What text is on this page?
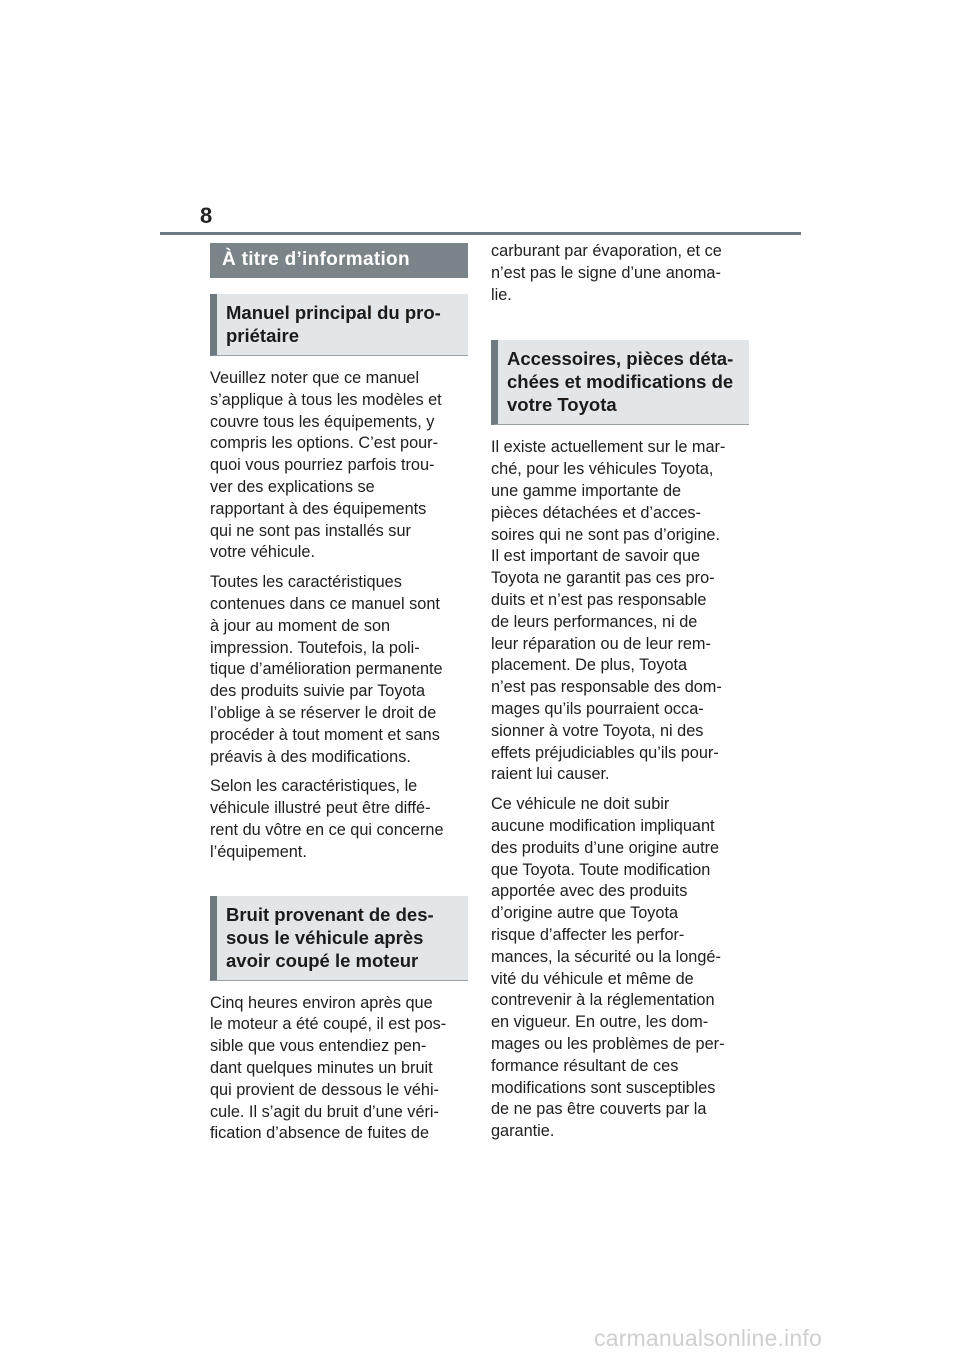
8
À titre d’information
Manuel principal du pro-
priétaire

Veuillez noter que ce manuel
s’applique à tous les modèles et
couvre tous les équipements, y
compris les options. C’est pour-
quoi vous pourriez parfois trou-
ver des explications se
rapportant à des équipements
qui ne sont pas installés sur
votre véhicule.

Toutes les caractéristiques
contenues dans ce manuel sont
à jour au moment de son
impression. Toutefois, la poli-
tique d’amélioration permanente
des produits suivie par Toyota
l’oblige à se réserver le droit de
procéder à tout moment et sans
préavis à des modifications.

Selon les caractéristiques, le
véhicule illustré peut être diffé-
rent du vôtre en ce qui concerne
l’équipement.

Bruit provenant de des-
sous le véhicule après
avoir coupé le moteur

Cinq heures environ après que
le moteur a été coupé, il est pos-
sible que vous entendiez pen-
dant quelques minutes un bruit
qui provient de dessous le véhi-
cule. Il s’agit du bruit d’une véri-
fication d’absence de fuites de

carburant par évaporation, et ce
n’est pas le signe d’une anoma-
lie.

Accessoires, pièces déta-
chées et modifications de
votre Toyota

Il existe actuellement sur le mar-
ché, pour les véhicules Toyota,
une gamme importante de
pièces détachées et d’acces-
soires qui ne sont pas d’origine.
Il est important de savoir que
Toyota ne garantit pas ces pro-
duits et n’est pas responsable
de leurs performances, ni de
leur réparation ou de leur rem-
placement. De plus, Toyota
n’est pas responsable des dom-
mages qu’ils pourraient occa-
sionner à votre Toyota, ni des
effets préjudiciables qu’ils pour-
raient lui causer.

Ce véhicule ne doit subir
aucune modification impliquant
des produits d’une origine autre
que Toyota. Toute modification
apportée avec des produits
d’origine autre que Toyota
risque d’affecter les perfor-
mances, la sécurité ou la longé-
vité du véhicule et même de
contrevenir à la réglementation
en vigueur. En outre, les dom-
mages ou les problèmes de per-
formance résultant de ces
modifications sont susceptibles
de ne pas être couverts par la
garantie.

carmanualsonline.info
